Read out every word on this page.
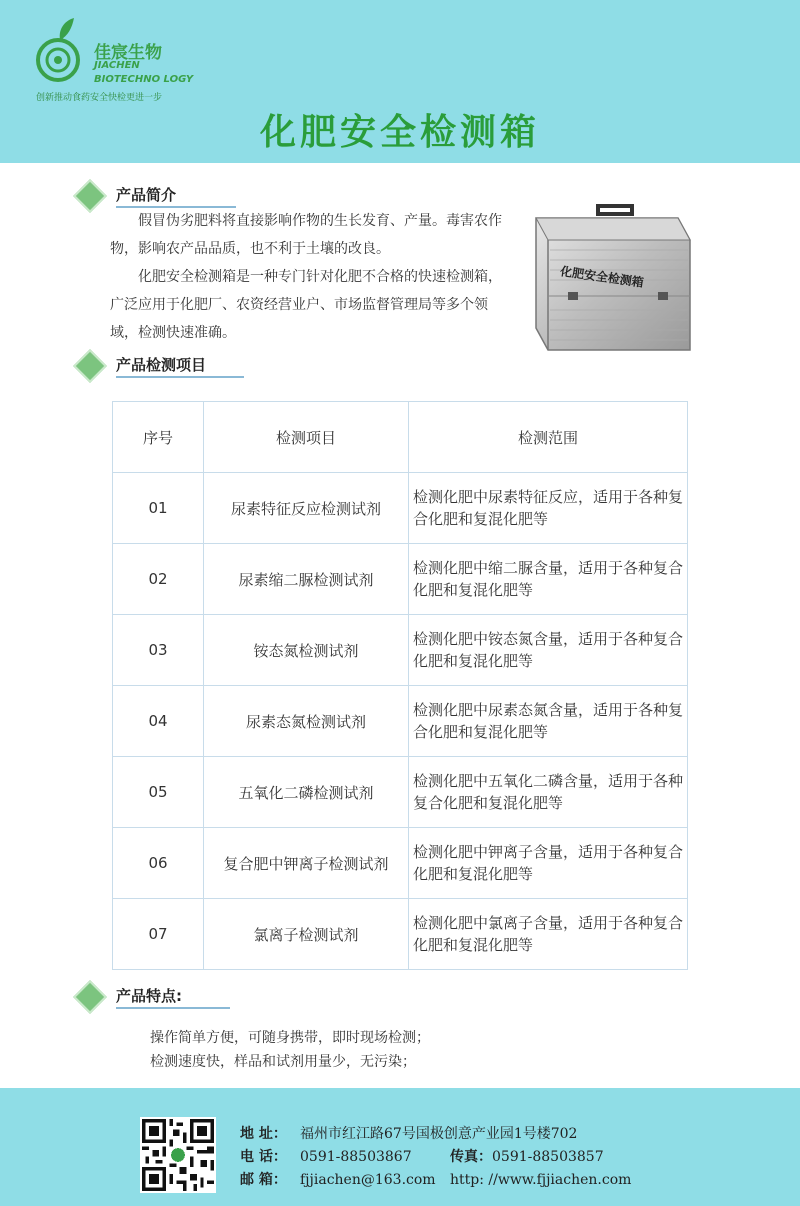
佳宸生物
JIACHEN
BIOTECHNO LOGY
创新推动食药安全快检更进一步
化肥安全检测箱
产品简介

假冒伪劣肥料将直接影响作物的生长发育、产量。毒害农作物，影响农产品品质，也不利于土壤的改良。

化肥安全检测箱是一种专门针对化肥不合格的快速检测箱，广泛应用于化肥厂、农资经营业户、市场监督管理局等多个领域，检测快速准确。

化肥安全检测箱
产品检测项目
序号	检测项目	检测范围
01	尿素特征反应检测试剂	检测化肥中尿素特征反应，适用于各种复合化肥和复混化肥等
02	尿素缩二脲检测试剂	检测化肥中缩二脲含量，适用于各种复合化肥和复混化肥等
03	铵态氮检测试剂	检测化肥中铵态氮含量，适用于各种复合化肥和复混化肥等
04	尿素态氮检测试剂	检测化肥中尿素态氮含量，适用于各种复合化肥和复混化肥等
05	五氧化二磷检测试剂	检测化肥中五氧化二磷含量，适用于各种复合化肥和复混化肥等
06	复合肥中钾离子检测试剂	检测化肥中钾离子含量，适用于各种复合化肥和复混化肥等
07	氯离子检测试剂	检测化肥中氯离子含量，适用于各种复合化肥和复混化肥等
产品特点:
操作简单方便，可随身携带，即时现场检测；
检测速度快，样品和试剂用量少，无污染；
地 址： 福州市红江路67号国极创意产业园1号楼702
电 话： 0591-88503867	传真：0591-88503857
邮 箱： fjjiachen@163.com http: //www.fjjiachen.com
